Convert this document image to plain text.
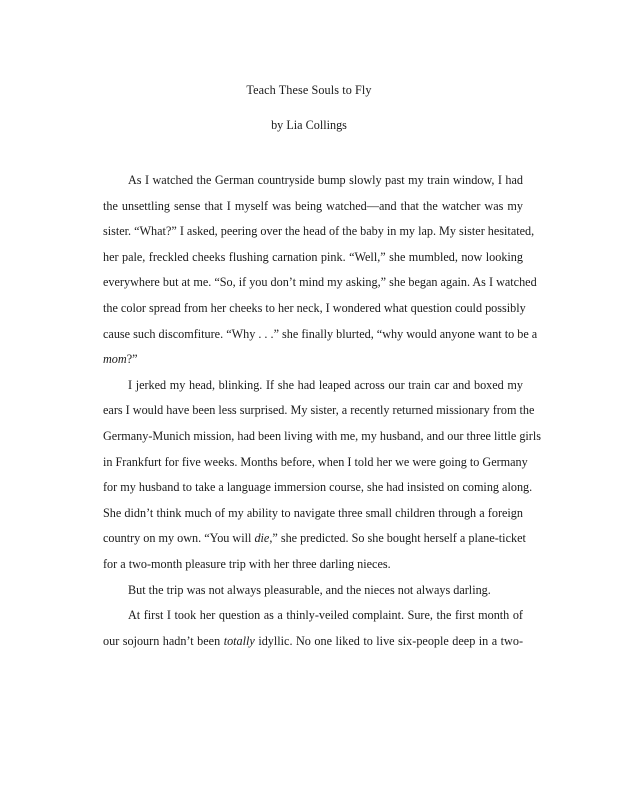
Teach These Souls to Fly
by Lia Collings
As I watched the German countryside bump slowly past my train window, I had
the unsettling sense that I myself was being watched—and that the watcher was my
sister. “What?” I asked, peering over the head of the baby in my lap. My sister hesitated,
her pale, freckled cheeks flushing carnation pink. “Well,” she mumbled, now looking
everywhere but at me. “So, if you don’t mind my asking,” she began again. As I watched
the color spread from her cheeks to her neck, I wondered what question could possibly
cause such discomfiture. “Why . . .” she finally blurted, “why would anyone want to be a
mom?”
I jerked my head, blinking. If she had leaped across our train car and boxed my
ears I would have been less surprised. My sister, a recently returned missionary from the
Germany-Munich mission, had been living with me, my husband, and our three little girls
in Frankfurt for five weeks. Months before, when I told her we were going to Germany
for my husband to take a language immersion course, she had insisted on coming along.
She didn’t think much of my ability to navigate three small children through a foreign
country on my own. “You will die,” she predicted. So she bought herself a plane-ticket
for a two-month pleasure trip with her three darling nieces.
But the trip was not always pleasurable, and the nieces not always darling.
At first I took her question as a thinly-veiled complaint. Sure, the first month of
our sojourn hadn’t been totally idyllic. No one liked to live six-people deep in a two-
